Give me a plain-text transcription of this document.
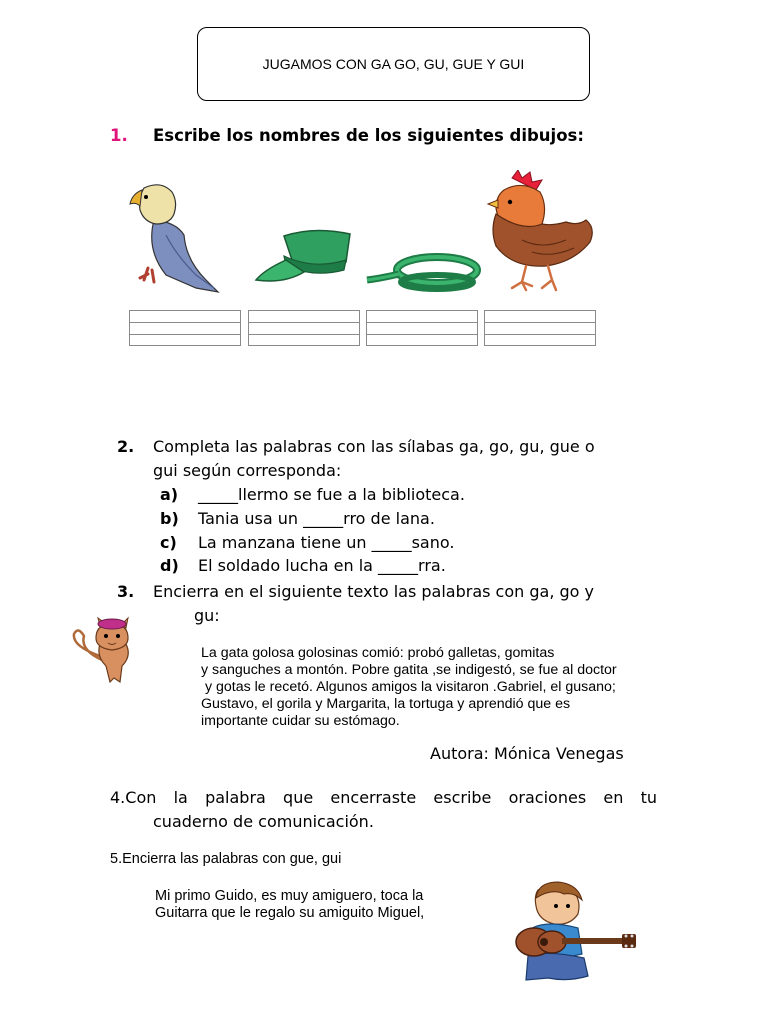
JUGAMOS CON GA GO, GU, GUE Y GUI
1. Escribe los nombres de los siguientes dibujos:
2. Completa las palabras con las sílabas ga, go, gu, gue o
gui según corresponda:
a) _____llermo se fue a la biblioteca.
b) Tania usa un _____rro de lana.
c) La manzana tiene un _____sano.
d) El soldado lucha en la _____rra.
3. Encierra en el siguiente texto las palabras con ga, go y
gu:
La gata golosa golosinas comió: probó galletas, gomitas
y sanguches a montón. Pobre gatita ,se indigestó, se fue al doctor
y gotas le recetó. Algunos amigos la visitaron .Gabriel, el gusano;
Gustavo, el gorila y Margarita, la tortuga y aprendió que es
importante cuidar su estómago.
Autora: Mónica Venegas
4.Con la palabra que encerraste escribe oraciones en tu
cuaderno de comunicación.
5.Encierra las palabras con gue, gui
Mi primo Guido, es muy amiguero, toca la
Guitarra que le regalo su amiguito Miguel,
